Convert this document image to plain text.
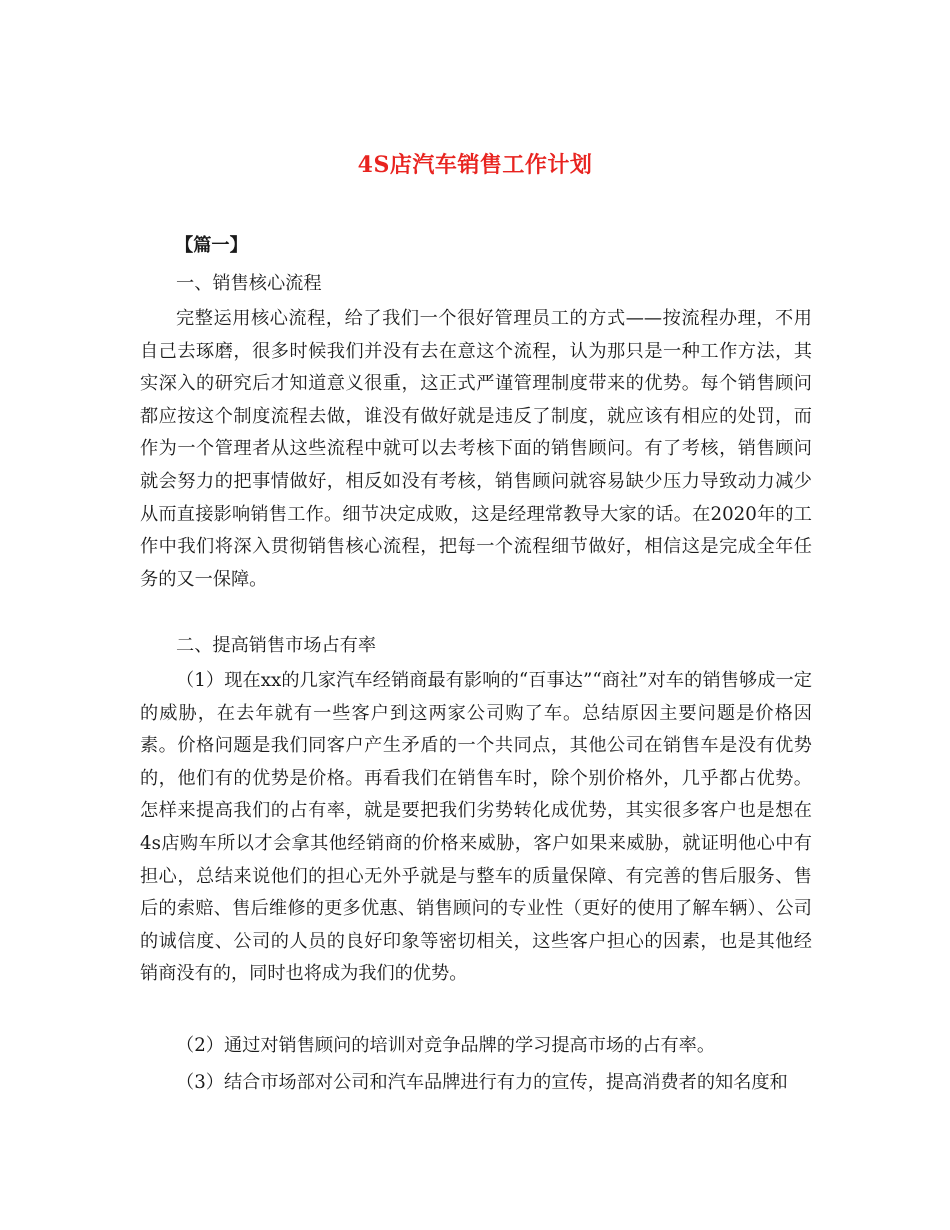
4S店汽车销售工作计划
【篇一】
一、销售核心流程

完整运用核心流程，给了我们一个很好管理员工的方式——按流程办理，不用自己去琢磨，很多时候我们并没有去在意这个流程，认为那只是一种工作方法，其实深入的研究后才知道意义很重，这正式严谨管理制度带来的优势。每个销售顾问都应按这个制度流程去做，谁没有做好就是违反了制度，就应该有相应的处罚，而作为一个管理者从这些流程中就可以去考核下面的销售顾问。有了考核，销售顾问就会努力的把事情做好，相反如没有考核，销售顾问就容易缺少压力导致动力减少从而直接影响销售工作。细节决定成败，这是经理常教导大家的话。在2020年的工作中我们将深入贯彻销售核心流程，把每一个流程细节做好，相信这是完成全年任务的又一保障。

二、提高销售市场占有率

（1）现在xx的几家汽车经销商最有影响的“百事达”“商社”对车的销售够成一定的威胁，在去年就有一些客户到这两家公司购了车。总结原因主要问题是价格因素。价格问题是我们同客户产生矛盾的一个共同点，其他公司在销售车是没有优势的，他们有的优势是价格。再看我们在销售车时，除个别价格外，几乎都占优势。怎样来提高我们的占有率，就是要把我们劣势转化成优势，其实很多客户也是想在4s店购车所以才会拿其他经销商的价格来威胁，客户如果来威胁，就证明他心中有担心，总结来说他们的担心无外乎就是与整车的质量保障、有完善的售后服务、售后的索赔、售后维修的更多优惠、销售顾问的专业性（更好的使用了解车辆）、公司的诚信度、公司的人员的良好印象等密切相关，这些客户担心的因素，也是其他经销商没有的，同时也将成为我们的优势。

（2）通过对销售顾问的培训对竞争品牌的学习提高市场的占有率。

（3）结合市场部对公司和汽车品牌进行有力的宣传，提高消费者的知名度和
